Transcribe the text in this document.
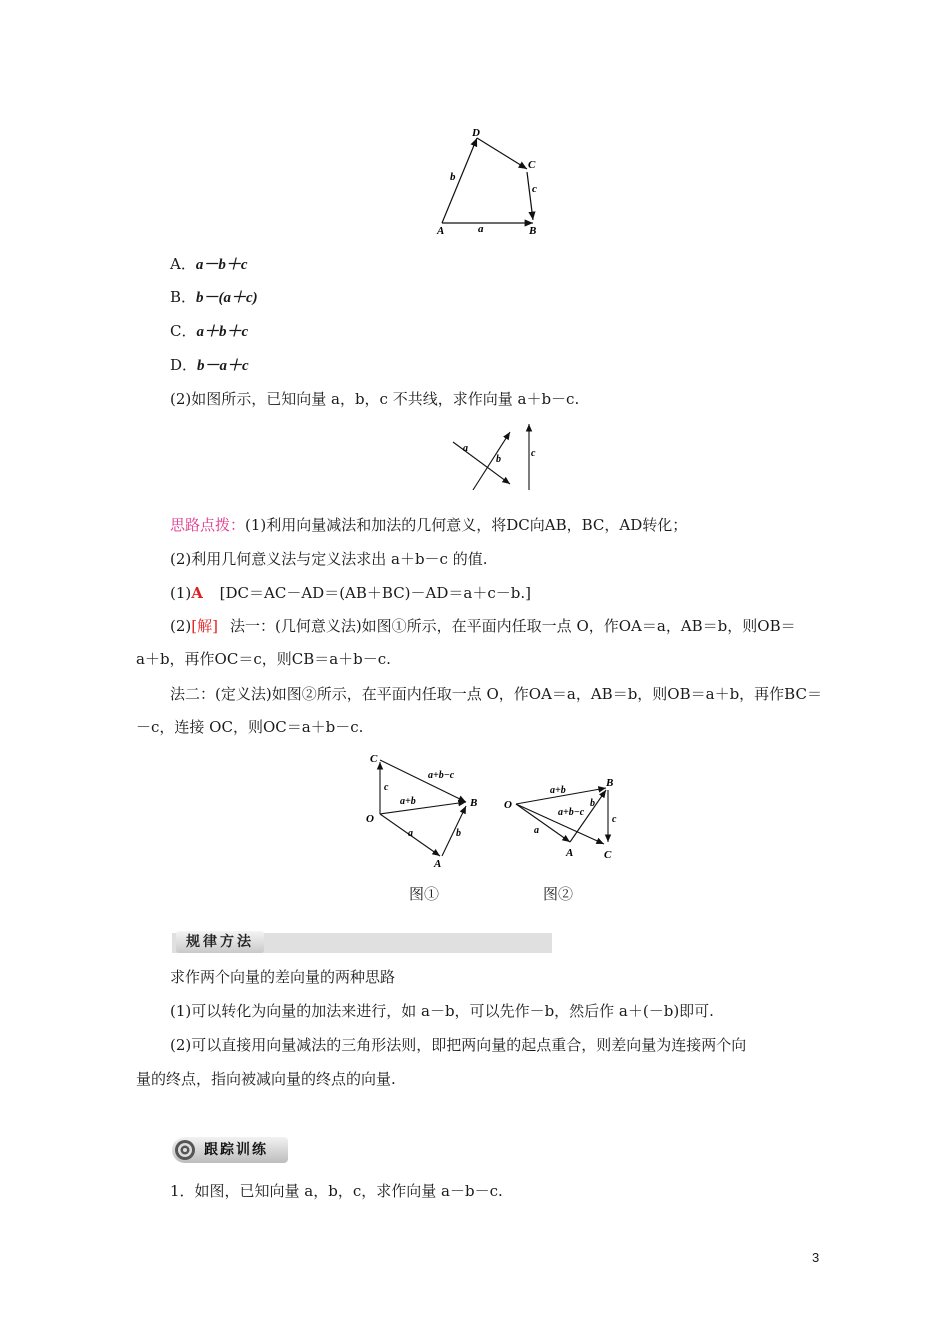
D
C
A	B
a
b
c
A．a－b＋c
B．b－(a＋c)
C．a＋b＋c
D．b－a＋c
(2)如图所示，已知向量 a，b，c 不共线，求作向量 a＋b－c.
a
b
c
思路点拨：(1)利用向量减法和加法的几何意义，将DC向AB，BC，AD转化；
(2)利用几何意义法与定义法求出 a＋b－c 的值.
(1)A [DC＝AC－AD＝(AB＋BC)－AD＝a＋c－b.]
(2)[解] 法一：(几何意义法)如图①所示，在平面内任取一点 O，作OA＝a，AB＝b，则OB＝
a＋b，再作OC＝c，则CB＝a＋b－c.
法二：(定义法)如图②所示，在平面内任取一点 O，作OA＝a，AB＝b，则OB＝a＋b，再作BC＝
－c，连接 OC，则OC＝a＋b－c.
C
O
B
A
a+b−c
a+b
c
a	b
O
B
A	C
a+b
a+b−c
a
b
c
图①	图②
规律方法
求作两个向量的差向量的两种思路
(1)可以转化为向量的加法来进行，如 a－b，可以先作－b，然后作 a＋(－b)即可.
(2)可以直接用向量减法的三角形法则，即把两向量的起点重合，则差向量为连接两个向
量的终点，指向被减向量的终点的向量.
跟踪训练
1．如图，已知向量 a，b，c，求作向量 a－b－c.
3
